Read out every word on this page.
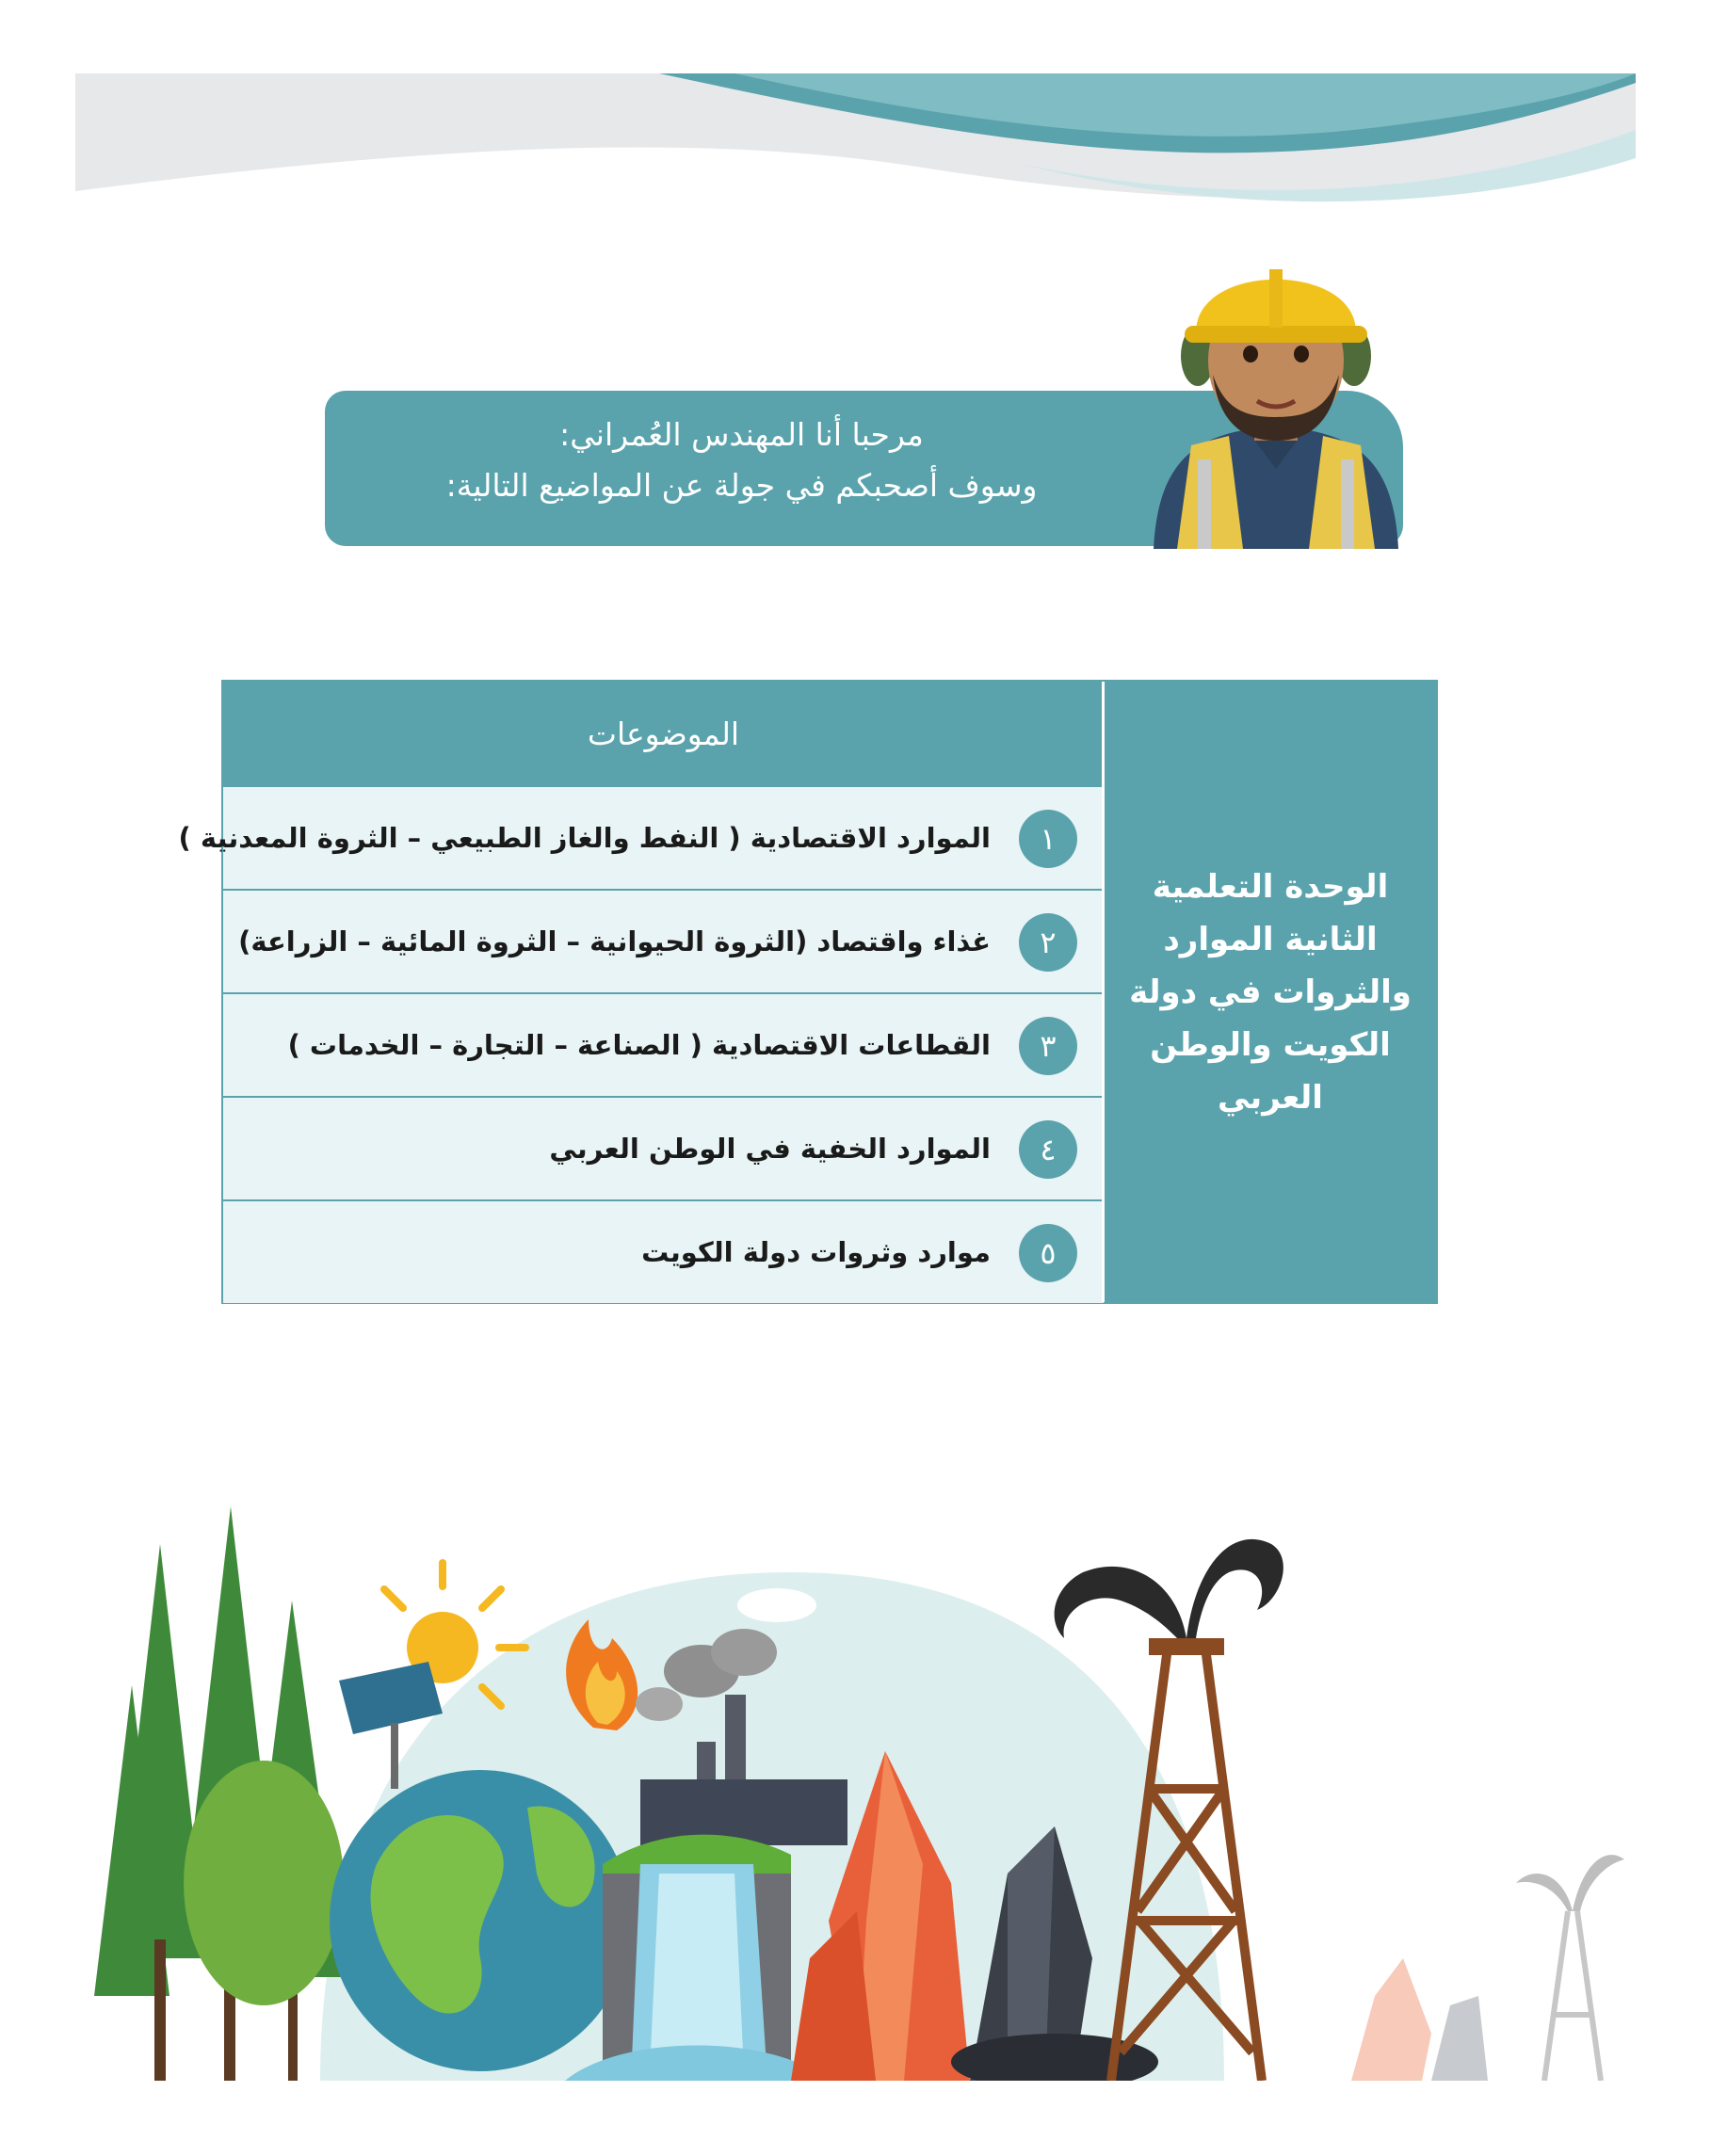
مرحبا أنا المهندس العُمراني:
وسوف أصحبكم في جولة عن المواضيع التالية:
الموضوعات
١
الموارد الاقتصادية ( النفط والغاز الطبيعي – الثروة المعدنية )
٢
غذاء واقتصاد (الثروة الحيوانية – الثروة المائية – الزراعة)
٣
القطاعات الاقتصادية ( الصناعة – التجارة – الخدمات )
٤
الموارد الخفية في الوطن العربي
٥
موارد وثروات دولة الكويت
الوحدة التعلمية الثانية الموارد والثروات في دولة الكويت والوطن العربي
